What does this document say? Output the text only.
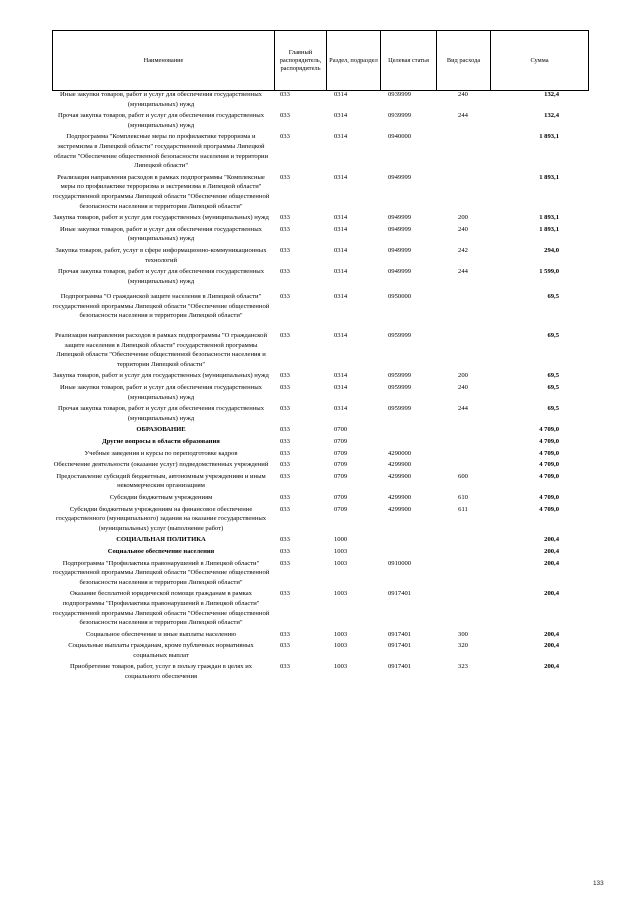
Наименование	Главный распорядитель, распорядитель	Раздел, подраздел	Целевая статья	Вид расхода	Сумма
Иные закупки товаров, работ и услуг для обеспечения государственных (муниципальных) нужд	033	0314	0939999	240	132,4
Прочая закупка товаров, работ и услуг для обеспечения государственных (муниципальных) нужд	033	0314	0939999	244	132,4
Подпрограмма "Комплексные меры по профилактике терроризма и экстремизма в Липецкой области" государственной программы Липецкой области "Обеспечение общественной безопасности населения и территории Липецкой области"	033	0314	0940000		1 893,1
Реализация направления расходов в рамках подпрограммы "Комплексные меры по профилактике терроризма и экстремизма в Липецкой области" государственной программы Липецкой области "Обеспечение общественной безопасности населения и территории Липецкой области"	033	0314	0949999		1 893,1
Закупка товаров, работ и услуг для государственных (муниципальных) нужд	033	0314	0949999	200	1 893,1
Иные закупки товаров, работ и услуг для обеспечения государственных (муниципальных) нужд	033	0314	0949999	240	1 893,1
Закупка товаров, работ, услуг в сфере информационно-коммуникационных технологий	033	0314	0949999	242	294,0
Прочая закупка товаров, работ и услуг для обеспечения государственных (муниципальных) нужд	033	0314	0949999	244	1 599,0
Подпрограмма "О гражданской защите населения в Липецкой области" государственной программы Липецкой области "Обеспечение общественной безопасности населения и территории Липецкой области"	033	0314	0950000		69,5
Реализация направления расходов в рамках подпрограммы "О гражданской защите населения в Липецкой области" государственной программы Липецкой области "Обеспечение общественной безопасности населения и территории Липецкой области"	033	0314	0959999		69,5
Закупка товаров, работ и услуг для государственных (муниципальных) нужд	033	0314	0959999	200	69,5
Иные закупки товаров, работ и услуг для обеспечения государственных (муниципальных) нужд	033	0314	0959999	240	69,5
Прочая закупка товаров, работ и услуг для обеспечения государственных (муниципальных) нужд	033	0314	0959999	244	69,5
ОБРАЗОВАНИЕ	033	0700			4 709,0
Другие вопросы в области образования	033	0709			4 709,0
Учебные заведения и курсы по переподготовке кадров	033	0709	4290000		4 709,0
Обеспечение деятельности (оказание услуг) подведомственных учреждений	033	0709	4299900		4 709,0
Предоставление субсидий бюджетным, автономным учреждениям и иным некоммерческим организациям	033	0709	4299900	600	4 709,0
Субсидии бюджетным учреждениям	033	0709	4299900	610	4 709,0
Субсидии бюджетным учреждениям на финансовое обеспечение государственного (муниципального) задания на оказание государственных (муниципальных) услуг (выполнение работ)	033	0709	4299900	611	4 709,0
СОЦИАЛЬНАЯ ПОЛИТИКА	033	1000			200,4
Социальное обеспечение населения	033	1003			200,4
Подпрограмма "Профилактика правонарушений в Липецкой области" государственной программы Липецкой области "Обеспечение общественной безопасности населения и территории Липецкой области"	033	1003	0910000		200,4
Оказание бесплатной юридической помощи гражданам в рамках подпрограммы "Профилактика правонарушений в Липецкой области" государственной программы Липецкой области "Обеспечение общественной безопасности населения и территории Липецкой области"	033	1003	0917401		200,4
Социальное обеспечение и иные выплаты населению	033	1003	0917401	300	200,4
Социальные выплаты гражданам, кроме публичных нормативных социальных выплат	033	1003	0917401	320	200,4
Приобретение товаров, работ, услуг в пользу граждан в целях их социального обеспечения	033	1003	0917401	323	200,4
133
